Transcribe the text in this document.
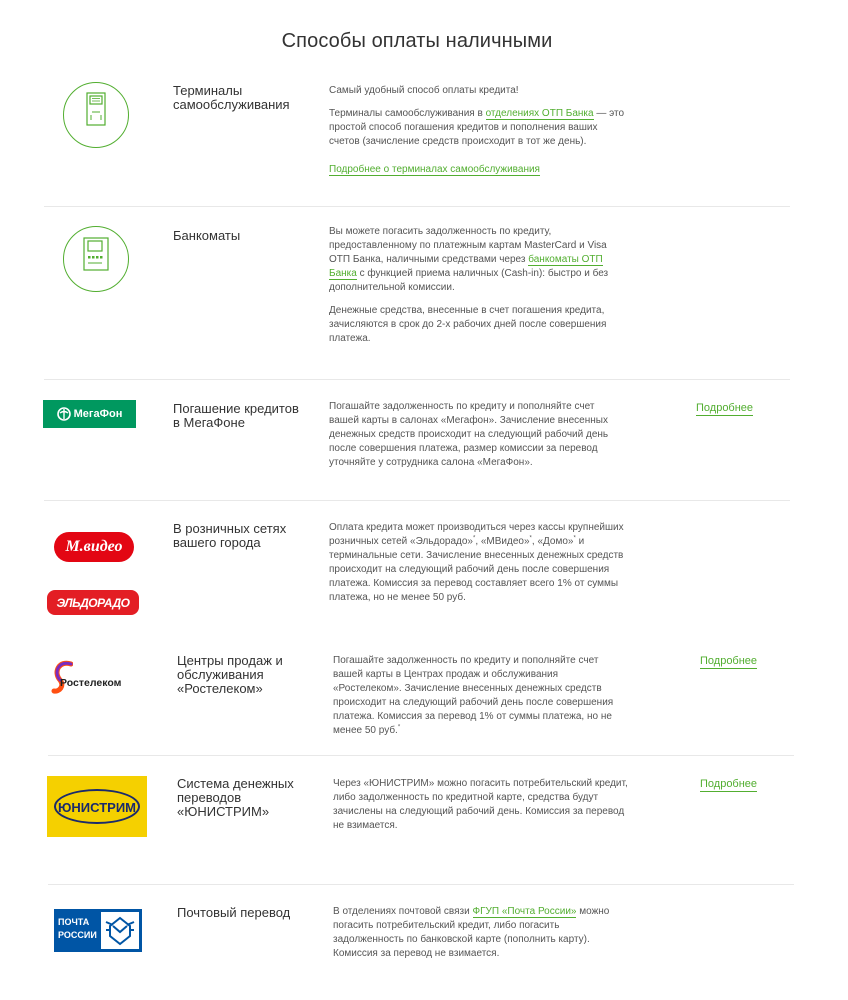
Способы оплаты наличными
Терминалы самообслуживания

Самый удобный способ оплаты кредита!

Терминалы самообслуживания в отделениях ОТП Банка — это простой способ погашения кредитов и пополнения ваших счетов (зачисление средств происходит в тот же день).

Подробнее о терминалах самообслуживания

Банкоматы	Вы можете погасить задолженность по кредиту, предоставленному по платежным картам MasterCard и Visa ОТП Банка, наличными средствами через банкоматы ОТП Банка с функцией приема наличных (Cash-in): быстро и без дополнительной комиссии.

Денежные средства, внесенные в счет погашения кредита, зачисляются в срок до 2-х рабочих дней после совершения платежа.

МегаФон	Погашение кредитов в МегаФоне
Погашайте задолженность по кредиту и пополняйте счет вашей карты в салонах «Мегафон». Зачисление внесенных денежных средств происходит на следующий рабочий день после совершения платежа, размер комиссии за перевод уточняйте у сотрудника салона «МегаФон».
Подробнее
М.видео
ЭЛЬДОРАДО
В розничных сетях вашего города
Оплата кредита может производиться через кассы крупнейших розничных сетей «Эльдорадо»*, «МВидео»*, «Домо»* и терминальные сети. Зачисление внесенных денежных средств происходит на следующий рабочий день после совершения платежа. Комиссия за перевод составляет всего 1% от суммы платежа, но не менее 50 руб.
Ростелеком
Центры продаж и обслуживания «Ростелеком»
Погашайте задолженность по кредиту и пополняйте счет вашей карты в Центрах продаж и обслуживания «Ростелеком». Зачисление внесенных денежных средств происходит на следующий рабочий день после совершения платежа. Комиссия за перевод 1% от суммы платежа, но не менее 50 руб.*
Подробнее
ЮНИСТРИМ
Система денежных переводов «ЮНИСТРИМ»
Через «ЮНИСТРИМ» можно погасить потребительский кредит, либо задолженность по кредитной карте, средства будут зачислены на следующий рабочий день. Комиссия за перевод не взимается.
Подробнее
ПОЧТА
РОССИИ
Почтовый перевод	В отделениях почтовой связи ФГУП «Почта России» можно погасить потребительский кредит, либо погасить задолженность по банковской карте (пополнить карту). Комиссия за перевод не взимается.
